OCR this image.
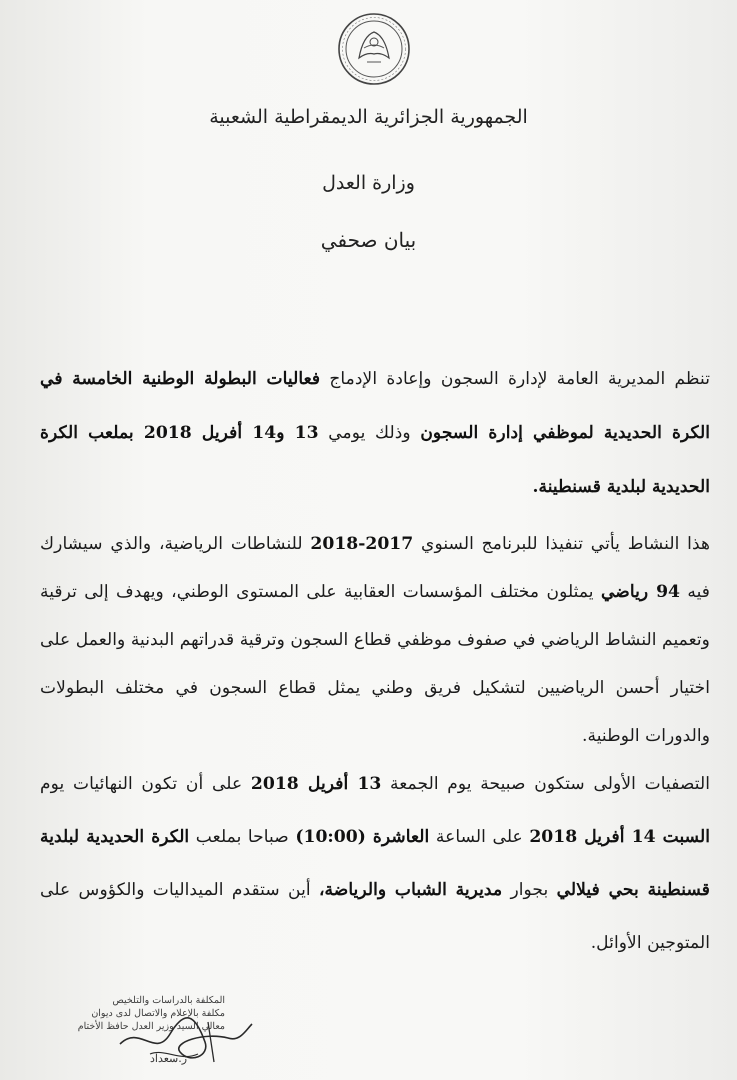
الجمهورية الجزائرية الديمقراطية الشعبية
وزارة العدل
بيان صحفي
تنظم المديرية العامة لإدارة السجون وإعادة الإدماج فعاليات البطولة الوطنية الخامسة في الكرة الحديدية لموظفي إدارة السجون وذلك يومي 13 و14 أفريل 2018 بملعب الكرة الحديدية لبلدية قسنطينة.
هذا النشاط يأتي تنفيذا للبرنامج السنوي 2017-2018 للنشاطات الرياضية، والذي سيشارك فيه 94 رياضي يمثلون مختلف المؤسسات العقابية على المستوى الوطني، ويهدف إلى ترقية وتعميم النشاط الرياضي في صفوف موظفي قطاع السجون وترقية قدراتهم البدنية والعمل على اختيار أحسن الرياضيين لتشكيل فريق وطني يمثل قطاع السجون في مختلف البطولات والدورات الوطنية.
التصفيات الأولى ستكون صبيحة يوم الجمعة 13 أفريل 2018 على أن تكون النهائيات يوم السبت 14 أفريل 2018 على الساعة العاشرة (10:00) صباحا بملعب الكرة الحديدية لبلدية قسنطينة بحي فيلالي بجوار مديرية الشباب والرياضة، أين ستقدم الميداليات والكؤوس على المتوجين الأوائل.
المكلفة بالدراسات والتلخيص
مكلفة بالإعلام والاتصال لدى ديوان
معالي السيد وزير العدل حافظ الأختام
ز.سعداد
